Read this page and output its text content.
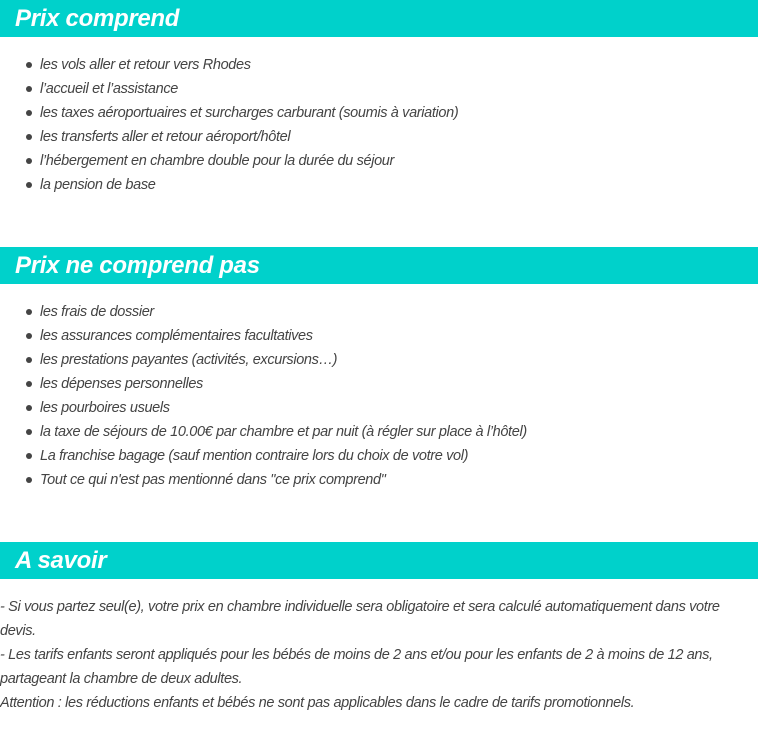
Prix comprend
les vols aller et retour vers Rhodes
l’accueil et l’assistance
les taxes aéroportuaires et surcharges carburant (soumis à variation)
les transferts aller et retour aéroport/hôtel
l’hébergement en chambre double pour la durée du séjour
la pension de base
Prix ne comprend pas
les frais de dossier
les assurances complémentaires facultatives
les prestations payantes (activités, excursions…)
les dépenses personnelles
les pourboires usuels
la taxe de séjours de 10.00€ par chambre et par nuit (à régler sur place à l’hôtel)
La franchise bagage (sauf mention contraire lors du choix de votre vol)
Tout ce qui n'est pas mentionné dans "ce prix comprend"
A savoir

- Si vous partez seul(e), votre prix en chambre individuelle sera obligatoire et sera calculé automatiquement dans votre devis.

- Les tarifs enfants seront appliqués pour les bébés de moins de 2 ans et/ou pour les enfants de 2 à moins de 12 ans, partageant la chambre de deux adultes.

Attention : les réductions enfants et bébés ne sont pas applicables dans le cadre de tarifs promotionnels.
